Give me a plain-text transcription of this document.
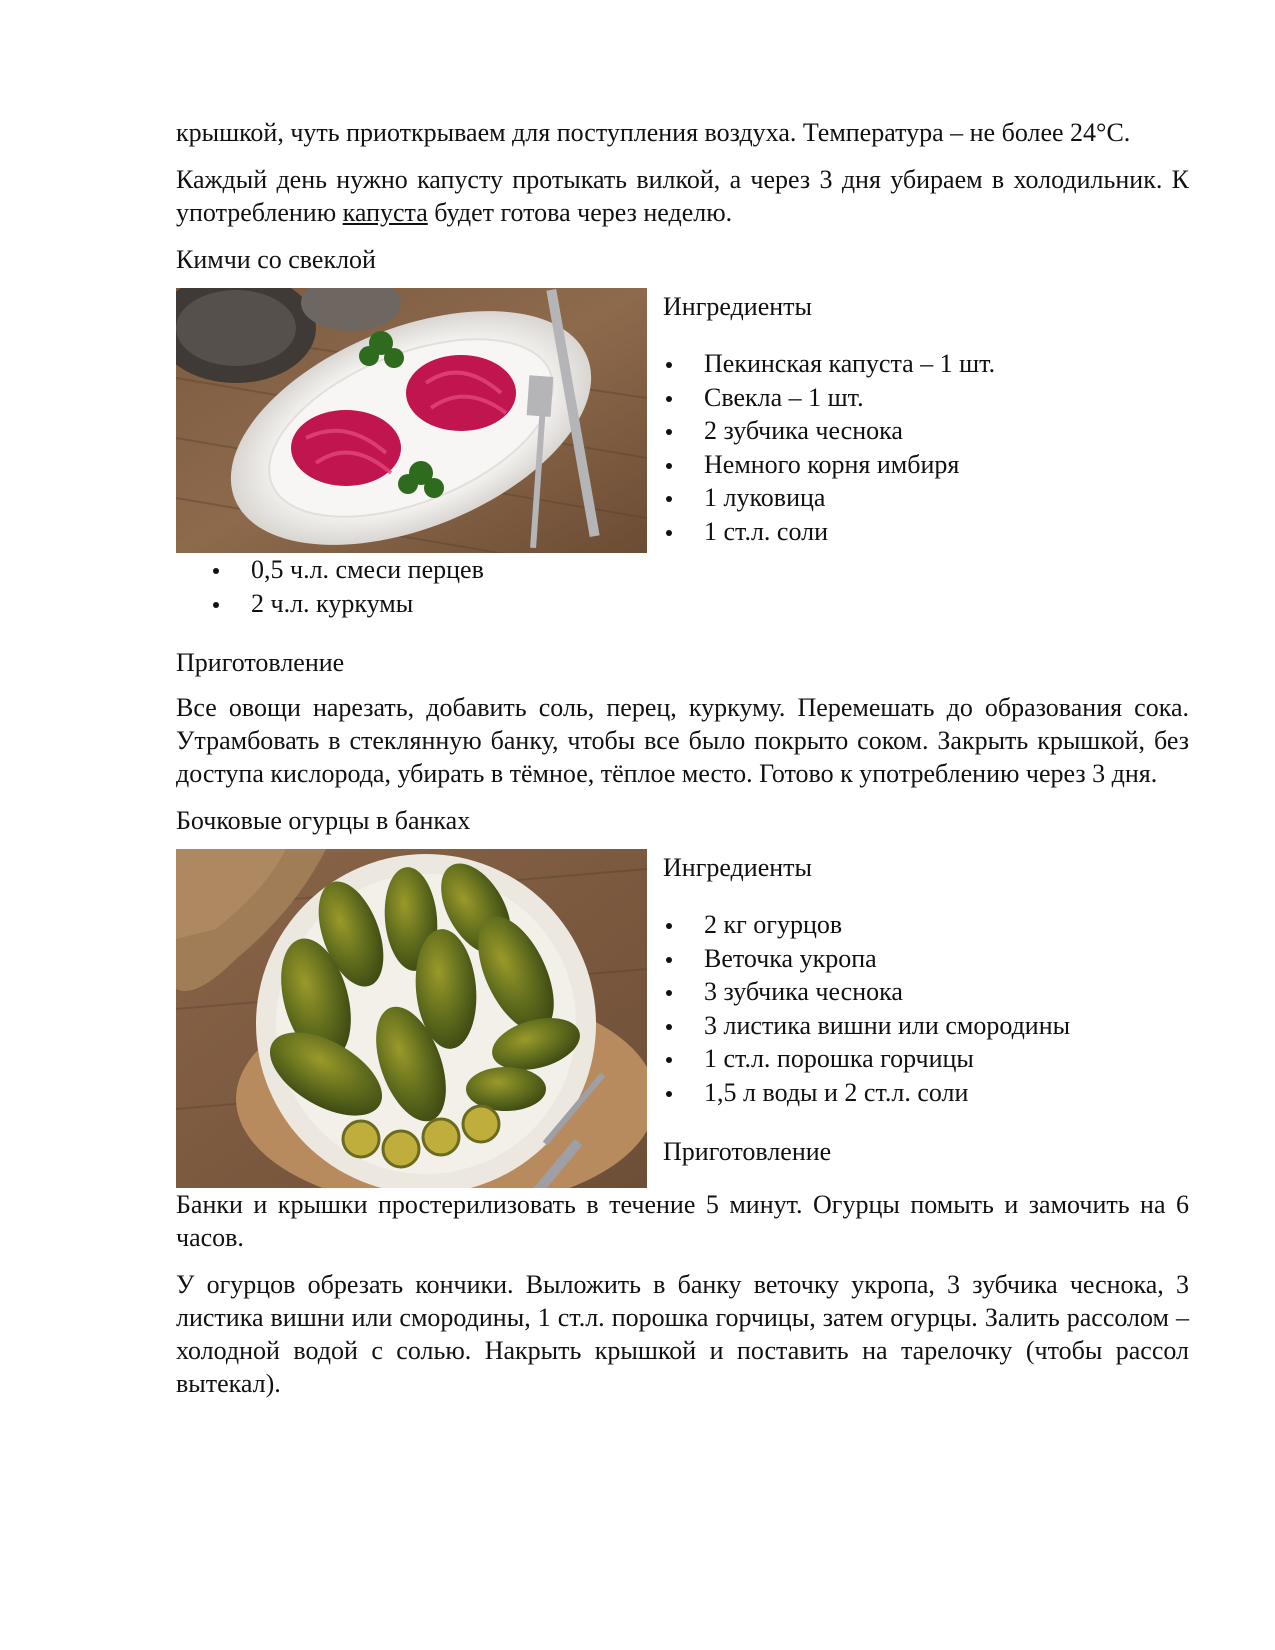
крышкой, чуть приоткрываем для поступления воздуха. Температура – не более 24°С.

Каждый день нужно капусту протыкать вилкой, а через 3 дня убираем в холодильник. К употреблению капуста будет готова через неделю.

Кимчи со свеклой

Ингредиенты

Пекинская капуста – 1 шт.
Свекла – 1 шт.
2 зубчика чеснока
Немного корня имбиря
1 луковица
1 ст.л. соли
0,5 ч.л. смеси перцев
2 ч.л. куркумы

Приготовление

Все овощи нарезать, добавить соль, перец, куркуму. Перемешать до образования сока. Утрамбовать в стеклянную банку, чтобы все было покрыто соком. Закрыть крышкой, без доступа кислорода, убирать в тёмное, тёплое место. Готово к употреблению через 3 дня.

Бочковые огурцы в банках

Ингредиенты

2 кг огурцов
Веточка укропа
3 зубчика чеснока
3 листика вишни или смородины
1 ст.л. порошка горчицы
1,5 л воды и 2 ст.л. соли

Приготовление

Банки и крышки простерилизовать в течение 5 минут. Огурцы помыть и замочить на 6 часов.

У огурцов обрезать кончики. Выложить в банку веточку укропа, 3 зубчика чеснока, 3 листика вишни или смородины, 1 ст.л. порошка горчицы, затем огурцы. Залить рассолом – холодной водой с солью. Накрыть крышкой и поставить на тарелочку (чтобы рассол вытекал).
